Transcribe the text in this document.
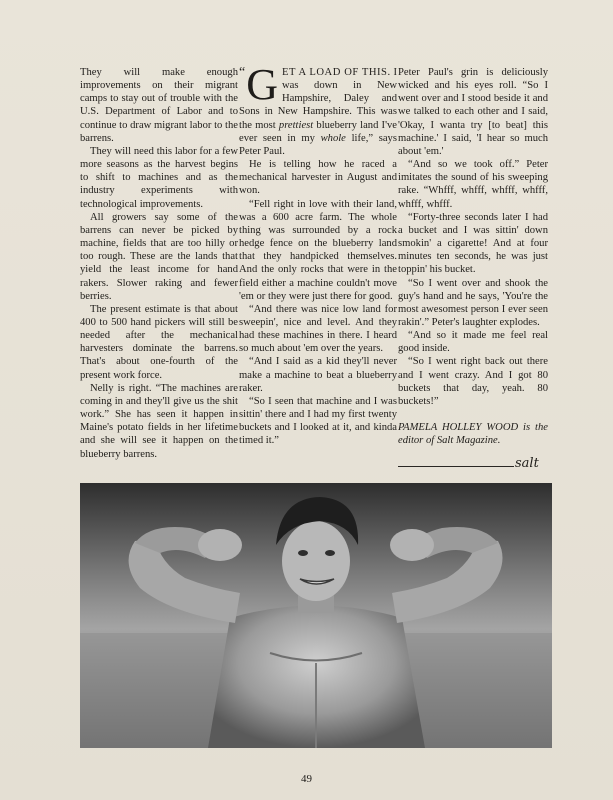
They will make enough improvements on their migrant camps to stay out of trouble with the U.S. Department of Labor and to continue to draw migrant labor to the barrens.

They will need this labor for a few more seasons as the harvest begins to shift to machines and as the industry experiments with technological improvements.

All growers say some of the barrens can never be picked by machine, fields that are too hilly or too rough. These are the lands that yield the least income for hand rakers. Slower raking and fewer berries.

The present estimate is that about 400 to 500 hand pickers will still be needed after the mechanical harvesters dominate the barrens. That's about one-fourth of the present work force.

Nelly is right. “The machines are coming in and they'll give us the shit work.” She has seen it happen in Maine's potato fields in her lifetime and she will see it happen on the blueberry barrens.

“ G ET A LOAD OF THIS. I was down in New Hampshire, Daley and Sons in New Hampshire. This was the most prettiest blueberry land I've ever seen in my whole life,” says Peter Paul.

He is telling how he raced a mechanical harvester in August and won.

“Fell right in love with their land, was a 600 acre farm. The whole thing was surrounded by a rock hedge fence on the blueberry land that they handpicked themselves. And the only rocks that were in the field either a machine couldn't move 'em or they were just there for good.

“And there was nice low land for sweepin', nice and level. And they had these machines in there. I heard so much about 'em over the years.

“And I said as a kid they'll never make a machine to beat a blueberry raker.

“So I seen that machine and I was sittin' there and I had my first twenty buckets and I looked at it, and kinda timed it.”

Peter Paul's grin is deliciously wicked and his eyes roll. “So I went over and I stood beside it and we talked to each other and I said, 'Okay, I wanta try [to beat] this machine.' I said, 'I hear so much about 'em.'

“And so we took off.” Peter imitates the sound of his sweeping rake. “Whfff, whfff, whfff, whfff, whfff, whfff.

“Forty-three seconds later I had a bucket and I was sittin' down smokin' a cigarette! And at four minutes ten seconds, he was just toppin' his bucket.

“So I went over and shook the guy's hand and he says, 'You're the most awesomest person I ever seen rakin'.” Peter's laughter explodes.

“And so it made me feel real good inside.

“So I went right back out there and I went crazy. And I got 80 buckets that day, yeah. 80 buckets!”

PAMELA HOLLEY WOOD is the editor of Salt Magazine.

salt
49
